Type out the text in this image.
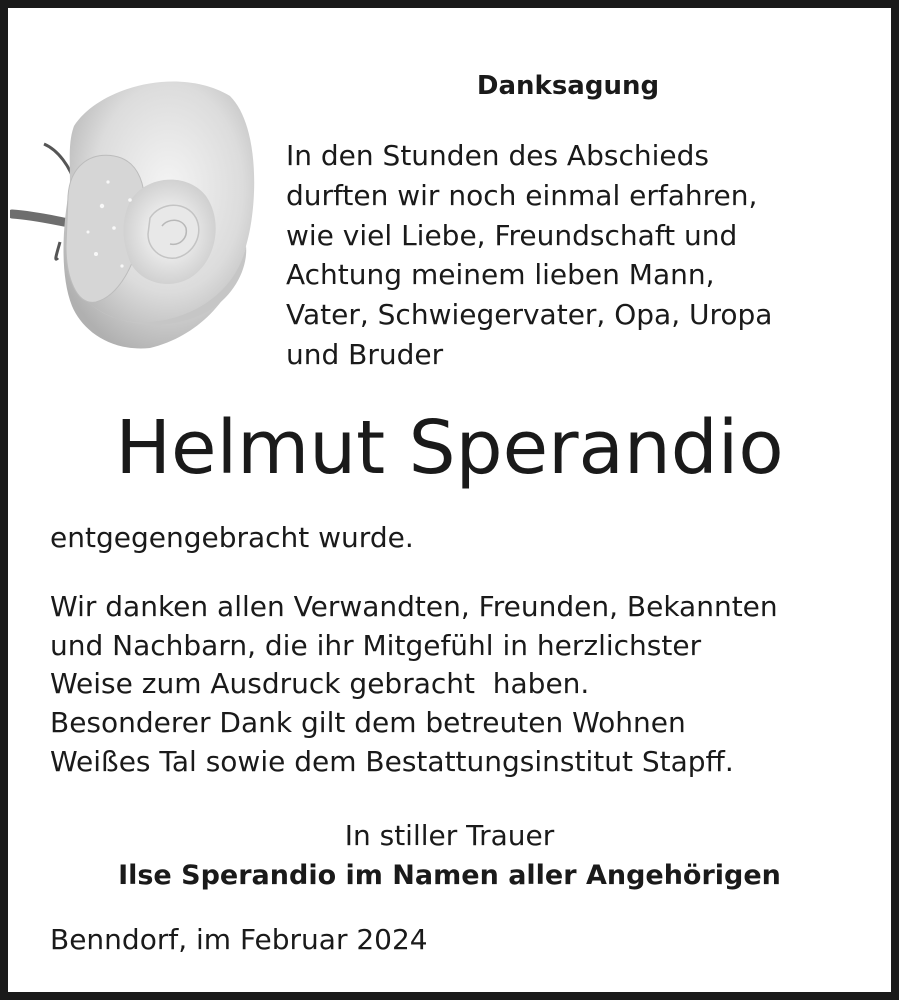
Danksagung
In den Stunden des Abschieds
durften wir noch einmal erfahren,
wie viel Liebe, Freundschaft und
Achtung meinem lieben Mann,
Vater, Schwiegervater, Opa, Uropa
und Bruder
Helmut Sperandio
entgegengebracht wurde.
Wir danken allen Verwandten, Freunden, Bekannten
und Nachbarn, die ihr Mitgefühl in herzlichster
Weise zum Ausdruck gebracht  haben.
Besonderer Dank gilt dem betreuten Wohnen
Weißes Tal sowie dem Bestattungsinstitut Stapff.
In stiller Trauer
Ilse Sperandio im Namen aller Angehörigen
Benndorf, im Februar 2024
